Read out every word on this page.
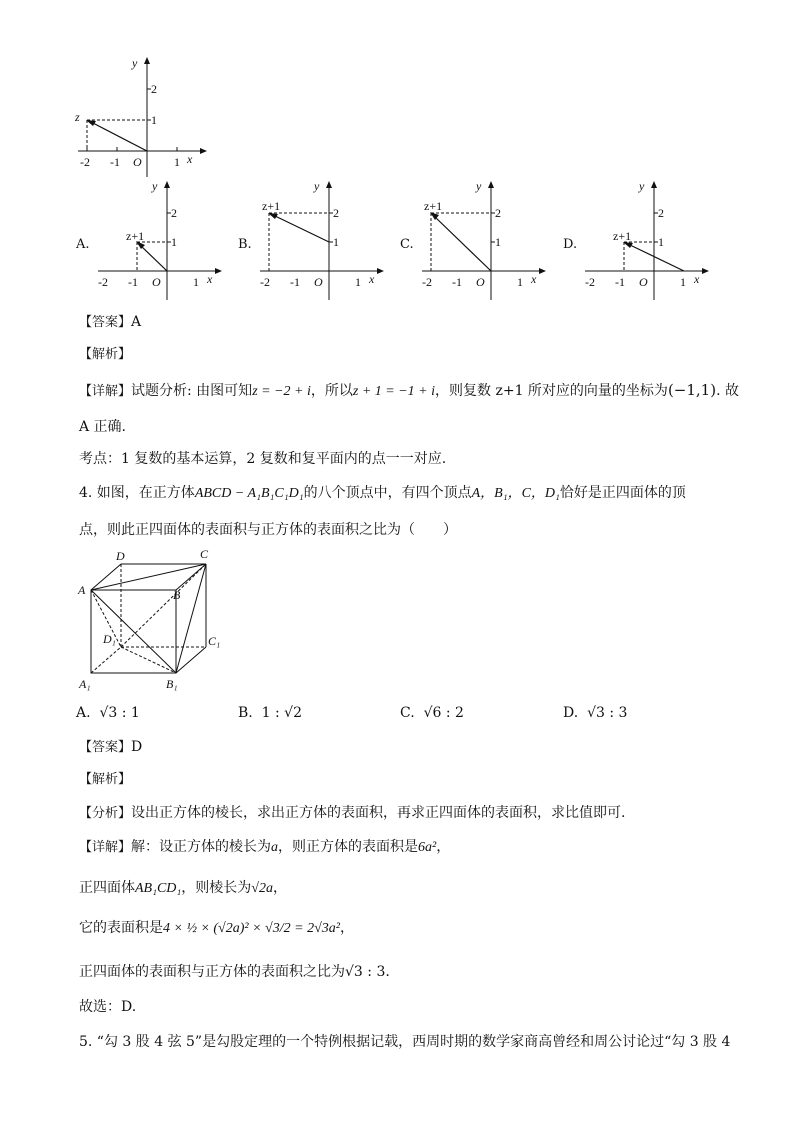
y
2
1
z
-2 -1 O	1 x
A.
y
2
1
z+1
-2 -1 O	1 x
B.
y
2
1
z+1
-2 -1 O	1 x
C.
y
2
1
z+1
-2 -1 O	1 x
D.
y
2
1
z+1
-2 -1 O	1 x
【答案】A
【解析】
【详解】试题分析: 由图可知z = −2 + i，所以z + 1 = −1 + i，则复数 z+1 所对应的向量的坐标为(−1,1). 故
A 正确.
考点：1 复数的基本运算，2 复数和复平面内的点一一对应.
4. 如图，在正方体ABCD − A₁B₁C₁D₁的八个顶点中，有四个顶点A，B₁，C，D₁恰好是正四面体的顶
点，则此正四面体的表面积与正方体的表面积之比为（　　）
D	C
A	B
D₁	C₁
A₁	B₁
A. √3 : 1	B. 1 : √2	C. √6 : 2	D. √3 : 3
【答案】D
【解析】
【分析】设出正方体的棱长，求出正方体的表面积，再求正四面体的表面积，求比值即可.
【详解】解：设正方体的棱长为a，则正方体的表面积是6a²，
正四面体AB₁CD₁，则棱长为√2a，
它的表面积是4 × ½ × (√2a)² × √3/2 = 2√3a²，
正四面体的表面积与正方体的表面积之比为√3 : 3.
故选：D.
5. “勾 3 股 4 弦 5”是勾股定理的一个特例根据记载，西周时期的数学家商高曾经和周公讨论过“勾 3 股 4
